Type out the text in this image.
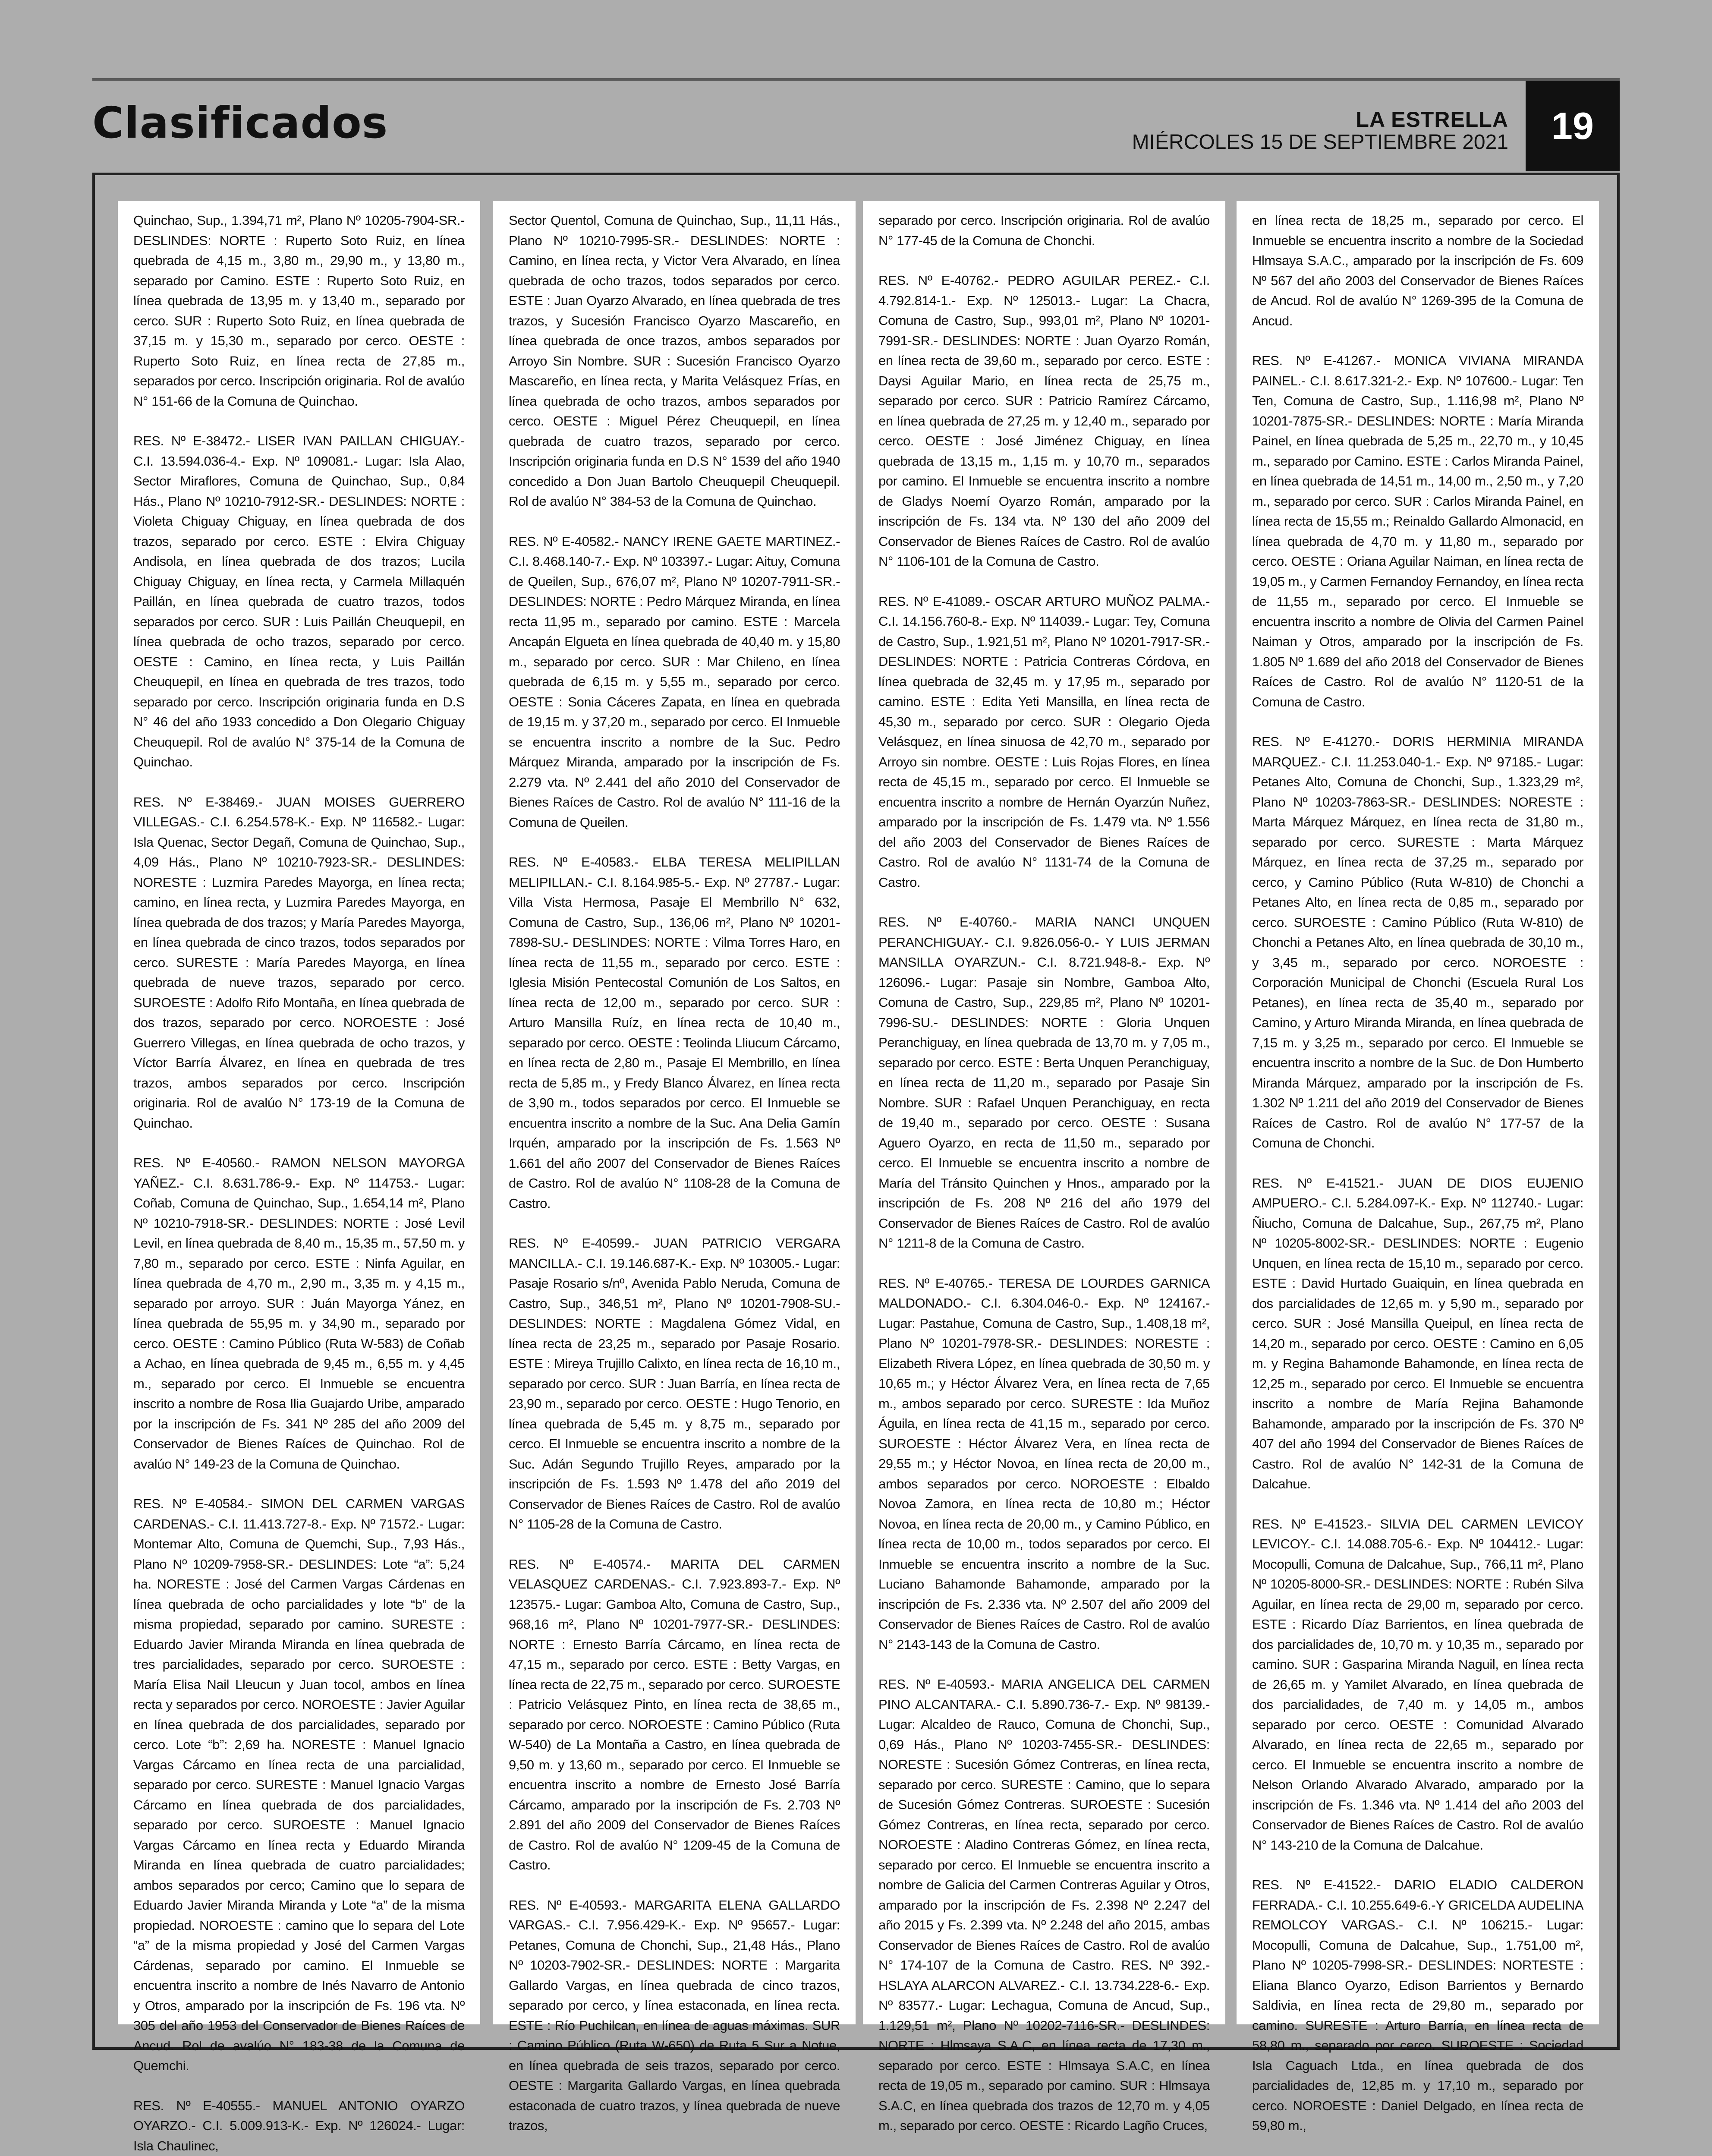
Clasificados	LA ESTRELLA
MIÉRCOLES 15 DE SEPTIEMBRE 2021	19

Quinchao, Sup., 1.394,71 m², Plano Nº 10205-7904-SR.- DESLINDES: NORTE : Ruperto Soto Ruiz, en línea quebrada de 4,15 m., 3,80 m., 29,90 m., y 13,80 m., separado por Camino. ESTE : Ruperto Soto Ruiz, en línea quebrada de 13,95 m. y 13,40 m., separado por cerco. SUR : Ruperto Soto Ruiz, en línea quebrada de 37,15 m. y 15,30 m., separado por cerco. OESTE : Ruperto Soto Ruiz, en línea recta de 27,85 m., separados por cerco. Inscripción originaria. Rol de avalúo N° 151-66 de la Comuna de Quinchao.

RES. Nº E-38472.- LISER IVAN PAILLAN CHIGUAY.- C.I. 13.594.036-4.- Exp. Nº 109081.- Lugar: Isla Alao, Sector Miraflores, Comuna de Quinchao, Sup., 0,84 Hás., Plano Nº 10210-7912-SR.- DESLINDES: NORTE : Violeta Chiguay Chiguay, en línea quebrada de dos trazos, separado por cerco. ESTE : Elvira Chiguay Andisola, en línea quebrada de dos trazos; Lucila Chiguay Chiguay, en línea recta, y Carmela Millaquén Paillán, en línea quebrada de cuatro trazos, todos separados por cerco. SUR : Luis Paillán Cheuquepil, en línea quebrada de ocho trazos, separado por cerco. OESTE : Camino, en línea recta, y Luis Paillán Cheuquepil, en línea en quebrada de tres trazos, todo separado por cerco. Inscripción originaria funda en D.S N° 46 del año 1933 concedido a Don Olegario Chiguay Cheuquepil. Rol de avalúo N° 375-14 de la Comuna de Quinchao.

RES. Nº E-38469.- JUAN MOISES GUERRERO VILLEGAS.- C.I. 6.254.578-K.- Exp. Nº 116582.- Lugar: Isla Quenac, Sector Degañ, Comuna de Quinchao, Sup., 4,09 Hás., Plano Nº 10210-7923-SR.- DESLINDES: NORESTE : Luzmira Paredes Mayorga, en línea recta; camino, en línea recta, y Luzmira Paredes Mayorga, en línea quebrada de dos trazos; y María Paredes Mayorga, en línea quebrada de cinco trazos, todos separados por cerco. SURESTE : María Paredes Mayorga, en línea quebrada de nueve trazos, separado por cerco. SUROESTE : Adolfo Rifo Montaña, en línea quebrada de dos trazos, separado por cerco. NOROESTE : José Guerrero Villegas, en línea quebrada de ocho trazos, y Víctor Barría Álvarez, en línea en quebrada de tres trazos, ambos separados por cerco. Inscripción originaria. Rol de avalúo N° 173-19 de la Comuna de Quinchao.

RES. Nº E-40560.- RAMON NELSON MAYORGA YAÑEZ.- C.I. 8.631.786-9.- Exp. Nº 114753.- Lugar: Coñab, Comuna de Quinchao, Sup., 1.654,14 m², Plano Nº 10210-7918-SR.- DESLINDES: NORTE : José Levil Levil, en línea quebrada de 8,40 m., 15,35 m., 57,50 m. y 7,80 m., separado por cerco. ESTE : Ninfa Aguilar, en línea quebrada de 4,70 m., 2,90 m., 3,35 m. y 4,15 m., separado por arroyo. SUR : Juán Mayorga Yánez, en línea quebrada de 55,95 m. y 34,90 m., separado por cerco. OESTE : Camino Público (Ruta W-583) de Coñab a Achao, en línea quebrada de 9,45 m., 6,55 m. y 4,45 m., separado por cerco. El Inmueble se encuentra inscrito a nombre de Rosa Ilia Guajardo Uribe, amparado por la inscripción de Fs. 341 Nº 285 del año 2009 del Conservador de Bienes Raíces de Quinchao. Rol de avalúo N° 149-23 de la Comuna de Quinchao.

RES. Nº E-40584.- SIMON DEL CARMEN VARGAS CARDENAS.- C.I. 11.413.727-8.- Exp. Nº 71572.- Lugar: Montemar Alto, Comuna de Quemchi, Sup., 7,93 Hás., Plano Nº 10209-7958-SR.- DESLINDES: Lote “a”: 5,24 ha. NORESTE : José del Carmen Vargas Cárdenas en línea quebrada de ocho parcialidades y lote “b” de la misma propiedad, separado por camino. SURESTE : Eduardo Javier Miranda Miranda en línea quebrada de tres parcialidades, separado por cerco. SUROESTE : María Elisa Nail Lleucun y Juan tocol, ambos en línea recta y separados por cerco. NOROESTE : Javier Aguilar en línea quebrada de dos parcialidades, separado por cerco. Lote “b”: 2,69 ha. NORESTE : Manuel Ignacio Vargas Cárcamo en línea recta de una parcialidad, separado por cerco. SURESTE : Manuel Ignacio Vargas Cárcamo en línea quebrada de dos parcialidades, separado por cerco. SUROESTE : Manuel Ignacio Vargas Cárcamo en línea recta y Eduardo Miranda Miranda en línea quebrada de cuatro parcialidades; ambos separados por cerco; Camino que lo separa de Eduardo Javier Miranda Miranda y Lote “a” de la misma propiedad. NOROESTE : camino que lo separa del Lote “a” de la misma propiedad y José del Carmen Vargas Cárdenas, separado por camino. El Inmueble se encuentra inscrito a nombre de Inés Navarro de Antonio y Otros, amparado por la inscripción de Fs. 196 vta. Nº 305 del año 1953 del Conservador de Bienes Raíces de Ancud. Rol de avalúo N° 183-38 de la Comuna de Quemchi.

RES. Nº E-40555.- MANUEL ANTONIO OYARZO OYARZO.- C.I. 5.009.913-K.- Exp. Nº 126024.- Lugar: Isla Chaulinec,

Sector Quentol, Comuna de Quinchao, Sup., 11,11 Hás., Plano Nº 10210-7995-SR.- DESLINDES: NORTE : Camino, en línea recta, y Victor Vera Alvarado, en línea quebrada de ocho trazos, todos separados por cerco. ESTE : Juan Oyarzo Alvarado, en línea quebrada de tres trazos, y Sucesión Francisco Oyarzo Mascareño, en línea quebrada de once trazos, ambos separados por Arroyo Sin Nombre. SUR : Sucesión Francisco Oyarzo Mascareño, en línea recta, y Marita Velásquez Frías, en línea quebrada de ocho trazos, ambos separados por cerco. OESTE : Miguel Pérez Cheuquepil, en línea quebrada de cuatro trazos, separado por cerco. Inscripción originaria funda en D.S N° 1539 del año 1940 concedido a Don Juan Bartolo Cheuquepil Cheuquepil. Rol de avalúo N° 384-53 de la Comuna de Quinchao.

RES. Nº E-40582.- NANCY IRENE GAETE MARTINEZ.- C.I. 8.468.140-7.- Exp. Nº 103397.- Lugar: Aituy, Comuna de Queilen, Sup., 676,07 m², Plano Nº 10207-7911-SR.- DESLINDES: NORTE : Pedro Márquez Miranda, en línea recta 11,95 m., separado por camino. ESTE : Marcela Ancapán Elgueta en línea quebrada de 40,40 m. y 15,80 m., separado por cerco. SUR : Mar Chileno, en línea quebrada de 6,15 m. y 5,55 m., separado por cerco. OESTE : Sonia Cáceres Zapata, en línea en quebrada de 19,15 m. y 37,20 m., separado por cerco. El Inmueble se encuentra inscrito a nombre de la Suc. Pedro Márquez Miranda, amparado por la inscripción de Fs. 2.279 vta. Nº 2.441 del año 2010 del Conservador de Bienes Raíces de Castro. Rol de avalúo N° 111-16 de la Comuna de Queilen.

RES. Nº E-40583.- ELBA TERESA MELIPILLAN MELIPILLAN.- C.I. 8.164.985-5.- Exp. Nº 27787.- Lugar: Villa Vista Hermosa, Pasaje El Membrillo N° 632, Comuna de Castro, Sup., 136,06 m², Plano Nº 10201-7898-SU.- DESLINDES: NORTE : Vilma Torres Haro, en línea recta de 11,55 m., separado por cerco. ESTE : Iglesia Misión Pentecostal Comunión de Los Saltos, en línea recta de 12,00 m., separado por cerco. SUR : Arturo Mansilla Ruíz, en línea recta de 10,40 m., separado por cerco. OESTE : Teolinda Lliucum Cárcamo, en línea recta de 2,80 m., Pasaje El Membrillo, en línea recta de 5,85 m., y Fredy Blanco Álvarez, en línea recta de 3,90 m., todos separados por cerco. El Inmueble se encuentra inscrito a nombre de la Suc. Ana Delia Gamín Irquén, amparado por la inscripción de Fs. 1.563 Nº 1.661 del año 2007 del Conservador de Bienes Raíces de Castro. Rol de avalúo N° 1108-28 de la Comuna de Castro.

RES. Nº E-40599.- JUAN PATRICIO VERGARA MANCILLA.- C.I. 19.146.687-K.- Exp. Nº 103005.- Lugar: Pasaje Rosario s/nº, Avenida Pablo Neruda, Comuna de Castro, Sup., 346,51 m², Plano Nº 10201-7908-SU.- DESLINDES: NORTE : Magdalena Gómez Vidal, en línea recta de 23,25 m., separado por Pasaje Rosario. ESTE : Mireya Trujillo Calixto, en línea recta de 16,10 m., separado por cerco. SUR : Juan Barría, en línea recta de 23,90 m., separado por cerco. OESTE : Hugo Tenorio, en línea quebrada de 5,45 m. y 8,75 m., separado por cerco. El Inmueble se encuentra inscrito a nombre de la Suc. Adán Segundo Trujillo Reyes, amparado por la inscripción de Fs. 1.593 Nº 1.478 del año 2019 del Conservador de Bienes Raíces de Castro. Rol de avalúo N° 1105-28 de la Comuna de Castro.

RES. Nº E-40574.- MARITA DEL CARMEN VELASQUEZ CARDENAS.- C.I. 7.923.893-7.- Exp. Nº 123575.- Lugar: Gamboa Alto, Comuna de Castro, Sup., 968,16 m², Plano Nº 10201-7977-SR.- DESLINDES: NORTE : Ernesto Barría Cárcamo, en línea recta de 47,15 m., separado por cerco. ESTE : Betty Vargas, en línea recta de 22,75 m., separado por cerco. SUROESTE : Patricio Velásquez Pinto, en línea recta de 38,65 m., separado por cerco. NOROESTE : Camino Público (Ruta W-540) de La Montaña a Castro, en línea quebrada de 9,50 m. y 13,60 m., separado por cerco. El Inmueble se encuentra inscrito a nombre de Ernesto José Barría Cárcamo, amparado por la inscripción de Fs. 2.703 Nº 2.891 del año 2009 del Conservador de Bienes Raíces de Castro. Rol de avalúo N° 1209-45 de la Comuna de Castro.

RES. Nº E-40593.- MARGARITA ELENA GALLARDO VARGAS.- C.I. 7.956.429-K.- Exp. Nº 95657.- Lugar: Petanes, Comuna de Chonchi, Sup., 21,48 Hás., Plano Nº 10203-7902-SR.- DESLINDES: NORTE : Margarita Gallardo Vargas, en línea quebrada de cinco trazos, separado por cerco, y línea estaconada, en línea recta. ESTE : Río Puchilcan, en línea de aguas máximas. SUR : Camino Público (Ruta W-650) de Ruta 5 Sur a Notue, en línea quebrada de seis trazos, separado por cerco. OESTE : Margarita Gallardo Vargas, en línea quebrada estaconada de cuatro trazos, y línea quebrada de nueve trazos,

separado por cerco. Inscripción originaria. Rol de avalúo N° 177-45 de la Comuna de Chonchi.

RES. Nº E-40762.- PEDRO AGUILAR PEREZ.- C.I. 4.792.814-1.- Exp. Nº 125013.- Lugar: La Chacra, Comuna de Castro, Sup., 993,01 m², Plano Nº 10201-7991-SR.- DESLINDES: NORTE : Juan Oyarzo Román, en línea recta de 39,60 m., separado por cerco. ESTE : Daysi Aguilar Mario, en línea recta de 25,75 m., separado por cerco. SUR : Patricio Ramírez Cárcamo, en línea quebrada de 27,25 m. y 12,40 m., separado por cerco. OESTE : José Jiménez Chiguay, en línea quebrada de 13,15 m., 1,15 m. y 10,70 m., separados por camino. El Inmueble se encuentra inscrito a nombre de Gladys Noemí Oyarzo Román, amparado por la inscripción de Fs. 134 vta. Nº 130 del año 2009 del Conservador de Bienes Raíces de Castro. Rol de avalúo N° 1106-101 de la Comuna de Castro.

RES. Nº E-41089.- OSCAR ARTURO MUÑOZ PALMA.- C.I. 14.156.760-8.- Exp. Nº 114039.- Lugar: Tey, Comuna de Castro, Sup., 1.921,51 m², Plano Nº 10201-7917-SR.- DESLINDES: NORTE : Patricia Contreras Córdova, en línea quebrada de 32,45 m. y 17,95 m., separado por camino. ESTE : Edita Yeti Mansilla, en línea recta de 45,30 m., separado por cerco. SUR : Olegario Ojeda Velásquez, en línea sinuosa de 42,70 m., separado por Arroyo sin nombre. OESTE : Luis Rojas Flores, en línea recta de 45,15 m., separado por cerco. El Inmueble se encuentra inscrito a nombre de Hernán Oyarzún Nuñez, amparado por la inscripción de Fs. 1.479 vta. Nº 1.556 del año 2003 del Conservador de Bienes Raíces de Castro. Rol de avalúo N° 1131-74 de la Comuna de Castro.

RES. Nº E-40760.- MARIA NANCI UNQUEN PERANCHIGUAY.- C.I. 9.826.056-0.- Y LUIS JERMAN MANSILLA OYARZUN.- C.I. 8.721.948-8.- Exp. Nº 126096.- Lugar: Pasaje sin Nombre, Gamboa Alto, Comuna de Castro, Sup., 229,85 m², Plano Nº 10201-7996-SU.- DESLINDES: NORTE : Gloria Unquen Peranchiguay, en línea quebrada de 13,70 m. y 7,05 m., separado por cerco. ESTE : Berta Unquen Peranchiguay, en línea recta de 11,20 m., separado por Pasaje Sin Nombre. SUR : Rafael Unquen Peranchiguay, en recta de 19,40 m., separado por cerco. OESTE : Susana Aguero Oyarzo, en recta de 11,50 m., separado por cerco. El Inmueble se encuentra inscrito a nombre de María del Tránsito Quinchen y Hnos., amparado por la inscripción de Fs. 208 Nº 216 del año 1979 del Conservador de Bienes Raíces de Castro. Rol de avalúo N° 1211-8 de la Comuna de Castro.

RES. Nº E-40765.- TERESA DE LOURDES GARNICA MALDONADO.- C.I. 6.304.046-0.- Exp. Nº 124167.- Lugar: Pastahue, Comuna de Castro, Sup., 1.408,18 m², Plano Nº 10201-7978-SR.- DESLINDES: NORESTE : Elizabeth Rivera López, en línea quebrada de 30,50 m. y 10,65 m.; y Héctor Álvarez Vera, en línea recta de 7,65 m., ambos separado por cerco. SURESTE : Ida Muñoz Águila, en línea recta de 41,15 m., separado por cerco. SUROESTE : Héctor Álvarez Vera, en línea recta de 29,55 m.; y Héctor Novoa, en línea recta de 20,00 m., ambos separados por cerco. NOROESTE : Elbaldo Novoa Zamora, en línea recta de 10,80 m.; Héctor Novoa, en línea recta de 20,00 m., y Camino Público, en línea recta de 10,00 m., todos separados por cerco. El Inmueble se encuentra inscrito a nombre de la Suc. Luciano Bahamonde Bahamonde, amparado por la inscripción de Fs. 2.336 vta. Nº 2.507 del año 2009 del Conservador de Bienes Raíces de Castro. Rol de avalúo N° 2143-143 de la Comuna de Castro.

RES. Nº E-40593.- MARIA ANGELICA DEL CARMEN PINO ALCANTARA.- C.I. 5.890.736-7.- Exp. Nº 98139.- Lugar: Alcaldeo de Rauco, Comuna de Chonchi, Sup., 0,69 Hás., Plano Nº 10203-7455-SR.- DESLINDES: NORESTE : Sucesión Gómez Contreras, en línea recta, separado por cerco. SURESTE : Camino, que lo separa de Sucesión Gómez Contreras. SUROESTE : Sucesión Gómez Contreras, en línea recta, separado por cerco. NOROESTE : Aladino Contreras Gómez, en línea recta, separado por cerco. El Inmueble se encuentra inscrito a nombre de Galicia del Carmen Contreras Aguilar y Otros, amparado por la inscripción de Fs. 2.398 Nº 2.247 del año 2015 y Fs. 2.399 vta. Nº 2.248 del año 2015, ambas Conservador de Bienes Raíces de Castro. Rol de avalúo N° 174-107 de la Comuna de Castro. RES. Nº 392.- HSLAYA ALARCON ALVAREZ.- C.I. 13.734.228-6.- Exp. Nº 83577.- Lugar: Lechagua, Comuna de Ancud, Sup., 1.129,51 m², Plano Nº 10202-7116-SR.- DESLINDES: NORTE : Hlmsaya S.A.C, en línea recta de 17,30 m., separado por cerco. ESTE : Hlmsaya S.A.C, en línea recta de 19,05 m., separado por camino. SUR : Hlmsaya S.A.C, en línea quebrada dos trazos de 12,70 m. y 4,05 m., separado por cerco. OESTE : Ricardo Lagño Cruces,

en línea recta de 18,25 m., separado por cerco. El Inmueble se encuentra inscrito a nombre de la Sociedad Hlmsaya S.A.C., amparado por la inscripción de Fs. 609 Nº 567 del año 2003 del Conservador de Bienes Raíces de Ancud. Rol de avalúo N° 1269-395 de la Comuna de Ancud.

RES. Nº E-41267.- MONICA VIVIANA MIRANDA PAINEL.- C.I. 8.617.321-2.- Exp. Nº 107600.- Lugar: Ten Ten, Comuna de Castro, Sup., 1.116,98 m², Plano Nº 10201-7875-SR.- DESLINDES: NORTE : María Miranda Painel, en línea quebrada de 5,25 m., 22,70 m., y 10,45 m., separado por Camino. ESTE : Carlos Miranda Painel, en línea quebrada de 14,51 m., 14,00 m., 2,50 m., y 7,20 m., separado por cerco. SUR : Carlos Miranda Painel, en línea recta de 15,55 m.; Reinaldo Gallardo Almonacid, en línea quebrada de 4,70 m. y 11,80 m., separado por cerco. OESTE : Oriana Aguilar Naiman, en línea recta de 19,05 m., y Carmen Fernandoy Fernandoy, en línea recta de 11,55 m., separado por cerco. El Inmueble se encuentra inscrito a nombre de Olivia del Carmen Painel Naiman y Otros, amparado por la inscripción de Fs. 1.805 Nº 1.689 del año 2018 del Conservador de Bienes Raíces de Castro. Rol de avalúo N° 1120-51 de la Comuna de Castro.

RES. Nº E-41270.- DORIS HERMINIA MIRANDA MARQUEZ.- C.I. 11.253.040-1.- Exp. Nº 97185.- Lugar: Petanes Alto, Comuna de Chonchi, Sup., 1.323,29 m², Plano Nº 10203-7863-SR.- DESLINDES: NORESTE : Marta Márquez Márquez, en línea recta de 31,80 m., separado por cerco. SURESTE : Marta Márquez Márquez, en línea recta de 37,25 m., separado por cerco, y Camino Público (Ruta W-810) de Chonchi a Petanes Alto, en línea recta de 0,85 m., separado por cerco. SUROESTE : Camino Público (Ruta W-810) de Chonchi a Petanes Alto, en línea quebrada de 30,10 m., y 3,45 m., separado por cerco. NOROESTE : Corporación Municipal de Chonchi (Escuela Rural Los Petanes), en línea recta de 35,40 m., separado por Camino, y Arturo Miranda Miranda, en línea quebrada de 7,15 m. y 3,25 m., separado por cerco. El Inmueble se encuentra inscrito a nombre de la Suc. de Don Humberto Miranda Márquez, amparado por la inscripción de Fs. 1.302 Nº 1.211 del año 2019 del Conservador de Bienes Raíces de Castro. Rol de avalúo N° 177-57 de la Comuna de Chonchi.

RES. Nº E-41521.- JUAN DE DIOS EUJENIO AMPUERO.- C.I. 5.284.097-K.- Exp. Nº 112740.- Lugar: Ñiucho, Comuna de Dalcahue, Sup., 267,75 m², Plano Nº 10205-8002-SR.- DESLINDES: NORTE : Eugenio Unquen, en línea recta de 15,10 m., separado por cerco. ESTE : David Hurtado Guaiquin, en línea quebrada en dos parcialidades de 12,65 m. y 5,90 m., separado por cerco. SUR : José Mansilla Queipul, en línea recta de 14,20 m., separado por cerco. OESTE : Camino en 6,05 m. y Regina Bahamonde Bahamonde, en línea recta de 12,25 m., separado por cerco. El Inmueble se encuentra inscrito a nombre de María Rejina Bahamonde Bahamonde, amparado por la inscripción de Fs. 370 Nº 407 del año 1994 del Conservador de Bienes Raíces de Castro. Rol de avalúo N° 142-31 de la Comuna de Dalcahue.

RES. Nº E-41523.- SILVIA DEL CARMEN LEVICOY LEVICOY.- C.I. 14.088.705-6.- Exp. Nº 104412.- Lugar: Mocopulli, Comuna de Dalcahue, Sup., 766,11 m², Plano Nº 10205-8000-SR.- DESLINDES: NORTE : Rubén Silva Aguilar, en línea recta de 29,00 m, separado por cerco. ESTE : Ricardo Díaz Barrientos, en línea quebrada de dos parcialidades de, 10,70 m. y 10,35 m., separado por camino. SUR : Gasparina Miranda Naguil, en línea recta de 26,65 m. y Yamilet Alvarado, en línea quebrada de dos parcialidades, de 7,40 m. y 14,05 m., ambos separado por cerco. OESTE : Comunidad Alvarado Alvarado, en línea recta de 22,65 m., separado por cerco. El Inmueble se encuentra inscrito a nombre de Nelson Orlando Alvarado Alvarado, amparado por la inscripción de Fs. 1.346 vta. Nº 1.414 del año 2003 del Conservador de Bienes Raíces de Castro. Rol de avalúo N° 143-210 de la Comuna de Dalcahue.

RES. Nº E-41522.- DARIO ELADIO CALDERON FERRADA.- C.I. 10.255.649-6.-Y GRICELDA AUDELINA REMOLCOY VARGAS.- C.I. Nº 106215.- Lugar: Mocopulli, Comuna de Dalcahue, Sup., 1.751,00 m², Plano Nº 10205-7998-SR.- DESLINDES: NORTESTE : Eliana Blanco Oyarzo, Edison Barrientos y Bernardo Saldivia, en línea recta de 29,80 m., separado por camino. SURESTE : Arturo Barría, en línea recta de 58,80 m., separado por cerco. SUROESTE : Sociedad Isla Caguach Ltda., en línea quebrada de dos parcialidades de, 12,85 m. y 17,10 m., separado por cerco. NOROESTE : Daniel Delgado, en línea recta de 59,80 m.,
